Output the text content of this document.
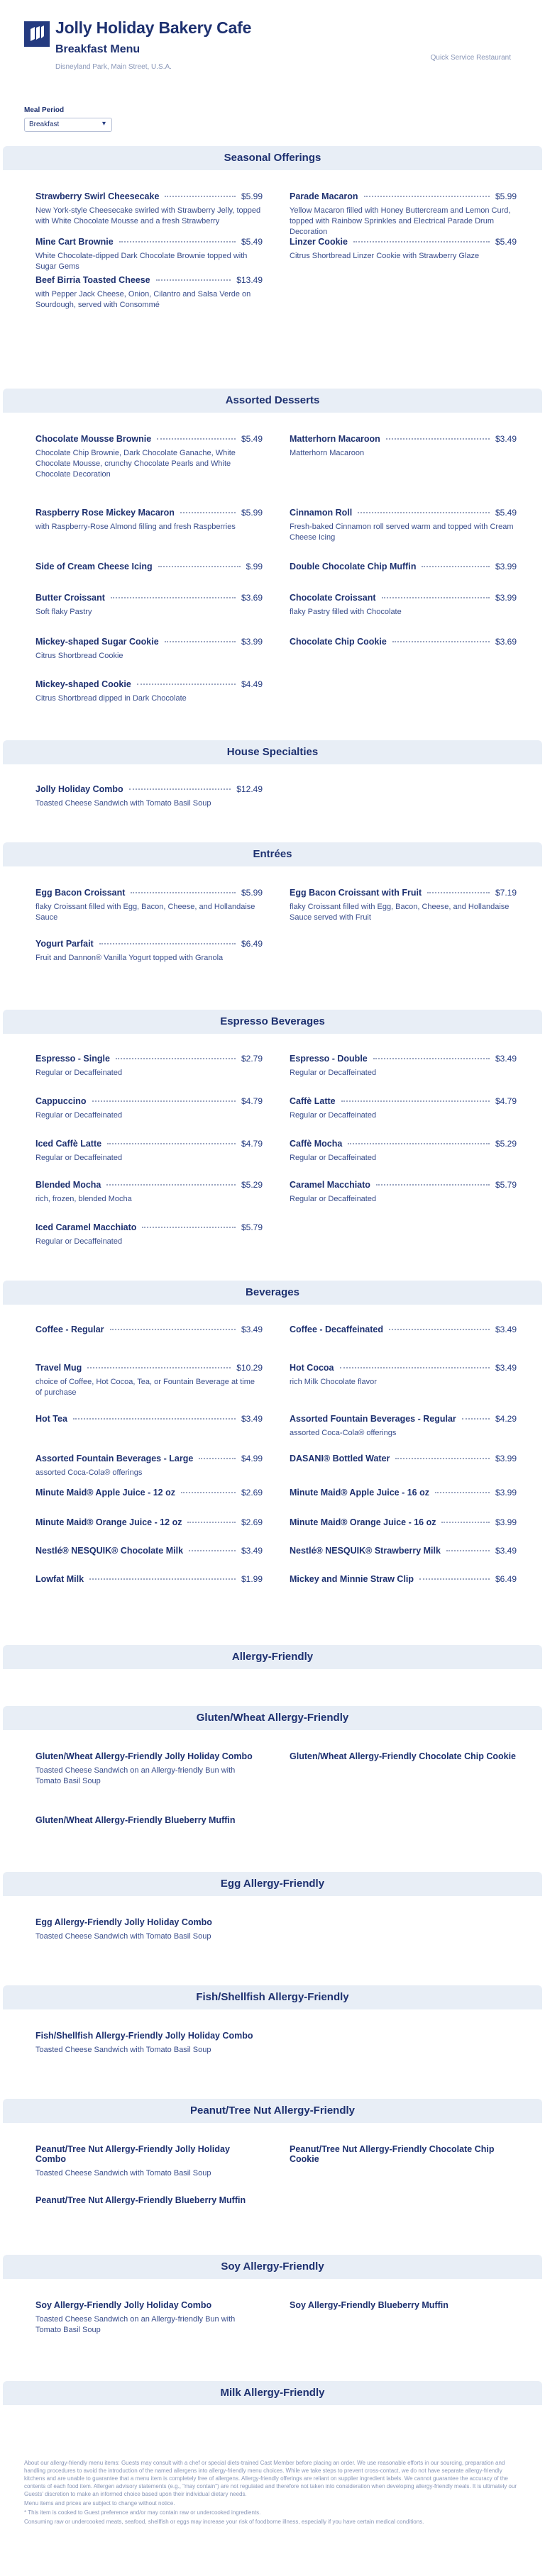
Jolly Holiday Bakery Cafe
Breakfast Menu
Disneyland Park, Main Street, U.S.A.
Quick Service Restaurant
Meal Period
Breakfast	▾
Seasonal Offerings
Strawberry Swirl Cheesecake	$5.99
New York-style Cheesecake swirled with Strawberry Jelly, topped with White Chocolate Mousse and a fresh Strawberry
Parade Macaron	$5.99
Yellow Macaron filled with Honey Buttercream and Lemon Curd, topped with Rainbow Sprinkles and Electrical Parade Drum Decoration
Mine Cart Brownie	$5.49
White Chocolate-dipped Dark Chocolate Brownie topped with Sugar Gems
Linzer Cookie	$5.49
Citrus Shortbread Linzer Cookie with Strawberry Glaze
Beef Birria Toasted Cheese	$13.49
with Pepper Jack Cheese, Onion, Cilantro and Salsa Verde on Sourdough, served with Consommé
Assorted Desserts
Chocolate Mousse Brownie	$5.49
Chocolate Chip Brownie, Dark Chocolate Ganache, White Chocolate Mousse, crunchy Chocolate Pearls and White Chocolate Decoration
Matterhorn Macaroon	$3.49
Matterhorn Macaroon
Raspberry Rose Mickey Macaron	$5.99
with Raspberry-Rose Almond filling and fresh Raspberries
Cinnamon Roll	$5.49
Fresh-baked Cinnamon roll served warm and topped with Cream Cheese Icing
Side of Cream Cheese Icing	$.99	Double Chocolate Chip Muffin	$3.99
Butter Croissant	$3.69
Soft flaky Pastry
Chocolate Croissant	$3.99
flaky Pastry filled with Chocolate
Mickey-shaped Sugar Cookie	$3.99
Citrus Shortbread Cookie
Chocolate Chip Cookie	$3.69
Mickey-shaped Cookie	$4.49
Citrus Shortbread dipped in Dark Chocolate
House Specialties
Jolly Holiday Combo	$12.49
Toasted Cheese Sandwich with Tomato Basil Soup
Entrées
Egg Bacon Croissant	$5.99
flaky Croissant filled with Egg, Bacon, Cheese, and Hollandaise Sauce
Egg Bacon Croissant with Fruit	$7.19
flaky Croissant filled with Egg, Bacon, Cheese, and Hollandaise Sauce served with Fruit
Yogurt Parfait	$6.49
Fruit and Dannon® Vanilla Yogurt topped with Granola
Espresso Beverages
Espresso - Single	$2.79
Regular or Decaffeinated
Espresso - Double	$3.49
Regular or Decaffeinated
Cappuccino	$4.79
Regular or Decaffeinated
Caffè Latte	$4.79
Regular or Decaffeinated
Iced Caffè Latte	$4.79
Regular or Decaffeinated
Caffè Mocha	$5.29
Regular or Decaffeinated
Blended Mocha	$5.29
rich, frozen, blended Mocha
Caramel Macchiato	$5.79
Regular or Decaffeinated
Iced Caramel Macchiato	$5.79
Regular or Decaffeinated
Beverages
Coffee - Regular	$3.49	Coffee - Decaffeinated	$3.49
Travel Mug	$10.29
choice of Coffee, Hot Cocoa, Tea, or Fountain Beverage at time of purchase
Hot Cocoa	$3.49
rich Milk Chocolate flavor
Hot Tea	$3.49	Assorted Fountain Beverages - Regular	$4.29
assorted Coca-Cola® offerings
Assorted Fountain Beverages - Large	$4.99
assorted Coca-Cola® offerings
DASANI® Bottled Water	$3.99
Minute Maid® Apple Juice - 12 oz	$2.69	Minute Maid® Apple Juice - 16 oz	$3.99
Minute Maid® Orange Juice - 12 oz	$2.69	Minute Maid® Orange Juice - 16 oz	$3.99
Nestlé® NESQUIK® Chocolate Milk	$3.49	Nestlé® NESQUIK® Strawberry Milk	$3.49
Lowfat Milk	$1.99	Mickey and Minnie Straw Clip	$6.49
Allergy-Friendly
Gluten/Wheat Allergy-Friendly
Gluten/Wheat Allergy-Friendly Jolly Holiday Combo
Toasted Cheese Sandwich on an Allergy-friendly Bun with Tomato Basil Soup
Gluten/Wheat Allergy-Friendly Chocolate Chip Cookie
Gluten/Wheat Allergy-Friendly Blueberry Muffin
Egg Allergy-Friendly
Egg Allergy-Friendly Jolly Holiday Combo
Toasted Cheese Sandwich with Tomato Basil Soup
Fish/Shellfish Allergy-Friendly
Fish/Shellfish Allergy-Friendly Jolly Holiday Combo
Toasted Cheese Sandwich with Tomato Basil Soup
Peanut/Tree Nut Allergy-Friendly
Peanut/Tree Nut Allergy-Friendly Jolly Holiday Combo
Toasted Cheese Sandwich with Tomato Basil Soup
Peanut/Tree Nut Allergy-Friendly Chocolate Chip Cookie
Peanut/Tree Nut Allergy-Friendly Blueberry Muffin
Soy Allergy-Friendly
Soy Allergy-Friendly Jolly Holiday Combo
Toasted Cheese Sandwich on an Allergy-friendly Bun with Tomato Basil Soup
Soy Allergy-Friendly Blueberry Muffin
Milk Allergy-Friendly

About our allergy-friendly menu items: Guests may consult with a chef or special diets-trained Cast Member before placing an order. We use reasonable efforts in our sourcing, preparation and handling procedures to avoid the introduction of the named allergens into allergy-friendly menu choices. While we take steps to prevent cross-contact, we do not have separate allergy-friendly kitchens and are unable to guarantee that a menu item is completely free of allergens. Allergy-friendly offerings are reliant on supplier ingredient labels. We cannot guarantee the accuracy of the contents of each food item. Allergen advisory statements (e.g., "may contain") are not regulated and therefore not taken into consideration when developing allergy-friendly meals. It is ultimately our Guests' discretion to make an informed choice based upon their individual dietary needs.

Menu items and prices are subject to change without notice.

* This item is cooked to Guest preference and/or may contain raw or undercooked ingredients.

Consuming raw or undercooked meats, seafood, shellfish or eggs may increase your risk of foodborne illness, especially if you have certain medical conditions.
